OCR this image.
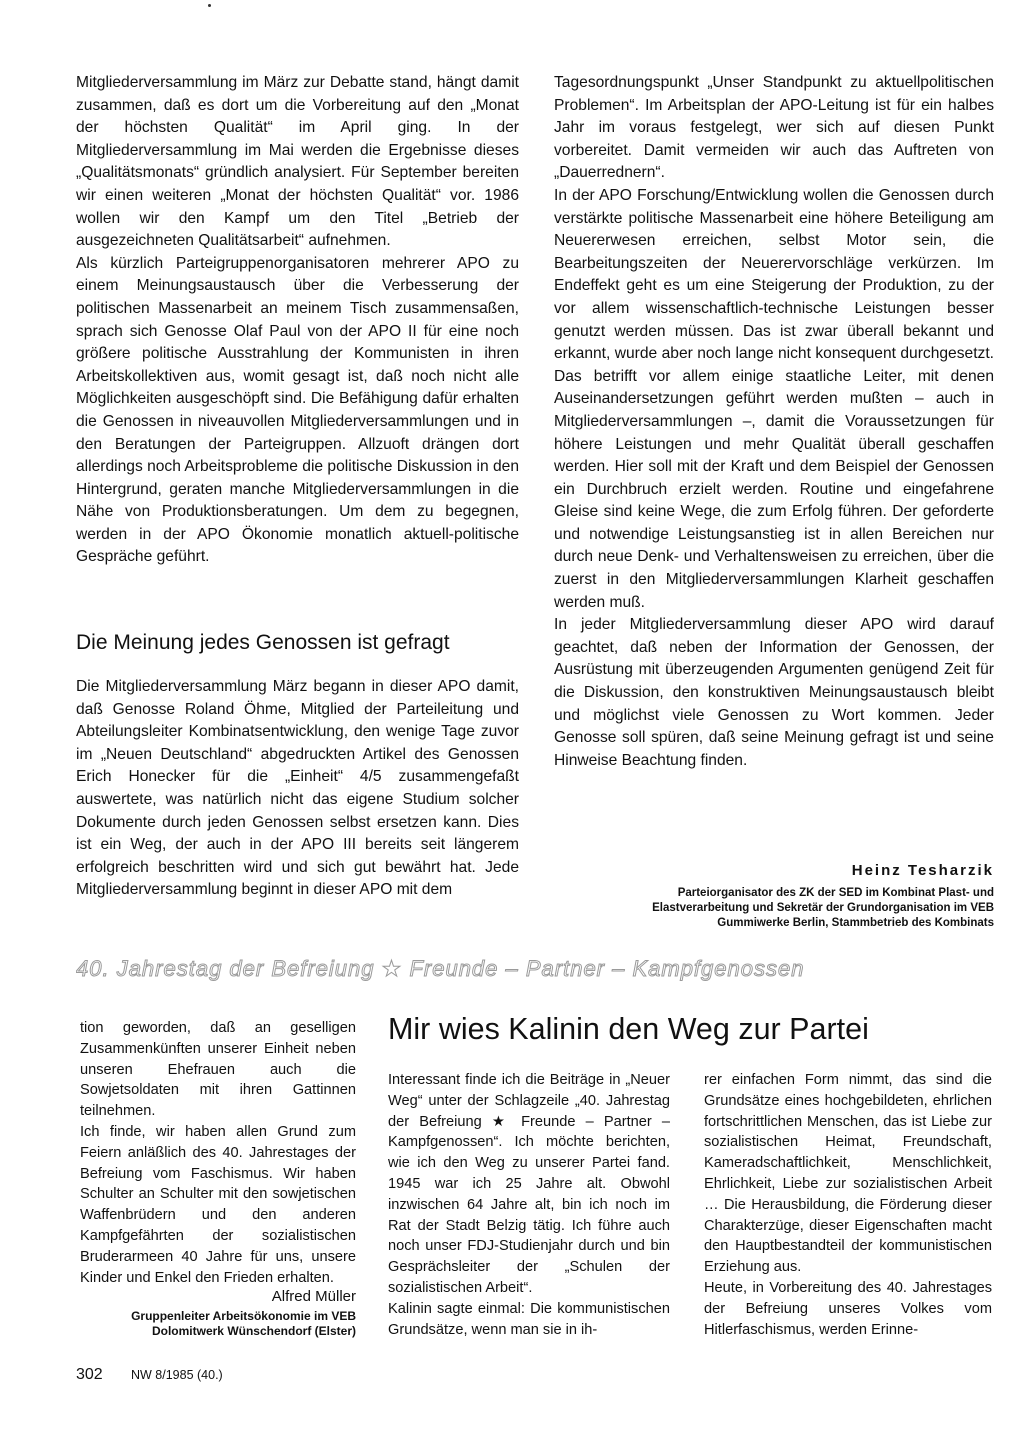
Mitgliederversammlung im März zur Debatte stand, hängt damit zusammen, daß es dort um die Vorbereitung auf den „Monat der höchsten Qualität“ im April ging. In der Mitgliederversammlung im Mai werden die Ergebnisse dieses „Qualitätsmonats“ gründlich analysiert. Für September bereiten wir einen weiteren „Monat der höchsten Qualität“ vor. 1986 wollen wir den Kampf um den Titel „Betrieb der ausgezeichneten Qualitätsarbeit“ aufnehmen.

Als kürzlich Parteigruppenorganisatoren mehrerer APO zu einem Meinungsaustausch über die Verbesserung der politischen Massenarbeit an meinem Tisch zusammensaßen, sprach sich Genosse Olaf Paul von der APO II für eine noch größere politische Ausstrahlung der Kommunisten in ihren Arbeitskollektiven aus, womit gesagt ist, daß noch nicht alle Möglichkeiten ausgeschöpft sind. Die Befähigung dafür erhalten die Genossen in niveauvollen Mitgliederversammlungen und in den Beratungen der Parteigruppen. Allzuoft drängen dort allerdings noch Arbeitsprobleme die politische Diskussion in den Hintergrund, geraten manche Mitgliederversammlungen in die Nähe von Produktionsberatungen. Um dem zu begegnen, werden in der APO Ökonomie monatlich aktuell-politische Gespräche geführt.

Die Meinung jedes Genossen ist gefragt

Die Mitgliederversammlung März begann in dieser APO damit, daß Genosse Roland Öhme, Mitglied der Parteileitung und Abteilungsleiter Kombinatsentwicklung, den wenige Tage zuvor im „Neuen Deutschland“ abgedruckten Artikel des Genossen Erich Honecker für die „Einheit“ 4/5 zusammengefaßt auswertete, was natürlich nicht das eigene Studium solcher Dokumente durch jeden Genossen selbst ersetzen kann. Dies ist ein Weg, der auch in der APO III bereits seit längerem erfolgreich beschritten wird und sich gut bewährt hat. Jede Mitgliederversammlung beginnt in dieser APO mit dem

Tagesordnungspunkt „Unser Standpunkt zu aktuellpolitischen Problemen“. Im Arbeitsplan der APO-Leitung ist für ein halbes Jahr im voraus festgelegt, wer sich auf diesen Punkt vorbereitet. Damit vermeiden wir auch das Auftreten von „Dauerrednern“.

In der APO Forschung/Entwicklung wollen die Genossen durch verstärkte politische Massenarbeit eine höhere Beteiligung am Neuererwesen erreichen, selbst Motor sein, die Bearbeitungszeiten der Neuerervorschläge verkürzen. Im Endeffekt geht es um eine Steigerung der Produktion, zu der vor allem wissenschaftlich-technische Leistungen besser genutzt werden müssen. Das ist zwar überall bekannt und erkannt, wurde aber noch lange nicht konsequent durchgesetzt. Das betrifft vor allem einige staatliche Leiter, mit denen Auseinandersetzungen geführt werden mußten – auch in Mitgliederversammlungen –, damit die Voraussetzungen für höhere Leistungen und mehr Qualität überall geschaffen werden. Hier soll mit der Kraft und dem Beispiel der Genossen ein Durchbruch erzielt werden. Routine und eingefahrene Gleise sind keine Wege, die zum Erfolg führen. Der geforderte und notwendige Leistungsanstieg ist in allen Bereichen nur durch neue Denk- und Verhaltensweisen zu erreichen, über die zuerst in den Mitgliederversammlungen Klarheit geschaffen werden muß.

In jeder Mitgliederversammlung dieser APO wird darauf geachtet, daß neben der Information der Genossen, der Ausrüstung mit überzeugenden Argumenten genügend Zeit für die Diskussion, den konstruktiven Meinungsaustausch bleibt und möglichst viele Genossen zu Wort kommen. Jeder Genosse soll spüren, daß seine Meinung gefragt ist und seine Hinweise Beachtung finden.

Heinz Tesharzik
Parteiorganisator des ZK der SED im Kombinat Plast- und
Elastverarbeitung und Sekretär der Grundorganisation im VEB
Gummiwerke Berlin, Stammbetrieb des Kombinats
40. Jahrestag der Befreiung ★ Freunde – Partner – Kampfgenossen

tion geworden, daß an geselligen Zusammenkünften unserer Einheit neben unseren Ehefrauen auch die Sowjetsoldaten mit ihren Gattinnen teilnehmen.

Ich finde, wir haben allen Grund zum Feiern anläßlich des 40. Jahrestages der Befreiung vom Faschismus. Wir haben Schulter an Schulter mit den sowjetischen Waffenbrüdern und den anderen Kampfgefährten der sozialistischen Bruderarmeen 40 Jahre für uns, unsere Kinder und Enkel den Frieden erhalten.

Alfred Müller
Gruppenleiter Arbeitsökonomie im VEB
Dolomitwerk Wünschendorf (Elster)
Mir wies Kalinin den Weg zur Partei

Interessant finde ich die Beiträge in „Neuer Weg“ unter der Schlagzeile „40. Jahrestag der Befreiung ★ Freunde – Partner – Kampfgenossen“. Ich möchte berichten, wie ich den Weg zu unserer Partei fand. 1945 war ich 25 Jahre alt. Obwohl inzwischen 64 Jahre alt, bin ich noch im Rat der Stadt Belzig tätig. Ich führe auch noch unser FDJ-Studienjahr durch und bin Gesprächsleiter der „Schulen der sozialistischen Arbeit“.

Kalinin sagte einmal: Die kommunistischen Grundsätze, wenn man sie in ih-

rer einfachen Form nimmt, das sind die Grundsätze eines hochgebildeten, ehrlichen fortschrittlichen Menschen, das ist Liebe zur sozialistischen Heimat, Freundschaft, Kameradschaftlichkeit, Menschlichkeit, Ehrlichkeit, Liebe zur sozialistischen Arbeit … Die Herausbildung, die Förderung dieser Charakterzüge, dieser Eigenschaften macht den Hauptbestandteil der kommunistischen Erziehung aus.

Heute, in Vorbereitung des 40. Jahrestages der Befreiung unseres Volkes vom Hitlerfaschismus, werden Erinne-

302 NW 8/1985 (40.)
